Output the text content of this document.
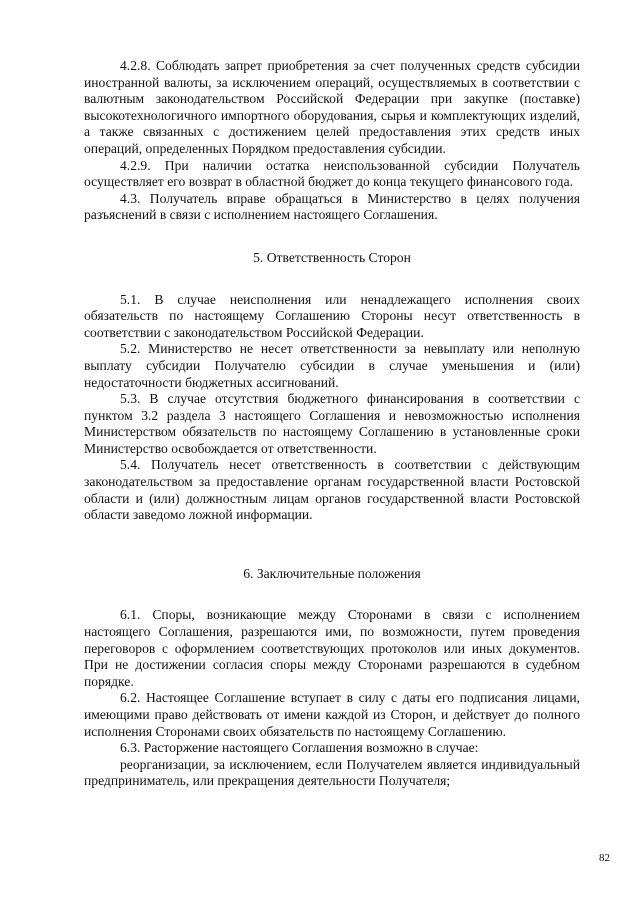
4.2.8. Соблюдать запрет приобретения за счет полученных средств субсидии иностранной валюты, за исключением операций, осуществляемых в соответствии с валютным законодательством Российской Федерации при закупке (поставке) высокотехнологичного импортного оборудования, сырья и комплектующих изделий, а также связанных с достижением целей предоставления этих средств иных операций, определенных Порядком предоставления субсидии.

4.2.9. При наличии остатка неиспользованной субсидии Получатель осуществляет его возврат в областной бюджет до конца текущего финансового года.

4.3. Получатель вправе обращаться в Министерство в целях получения разъяснений в связи с исполнением настоящего Соглашения.

5. Ответственность Сторон

5.1. В случае неисполнения или ненадлежащего исполнения своих обязательств по настоящему Соглашению Стороны несут ответственность в соответствии с законодательством Российской Федерации.

5.2. Министерство не несет ответственности за невыплату или неполную выплату субсидии Получателю субсидии в случае уменьшения и (или) недостаточности бюджетных ассигнований.

5.3. В случае отсутствия бюджетного финансирования в соответствии с пунктом 3.2 раздела 3 настоящего Соглашения и невозможностью исполнения Министерством обязательств по настоящему Соглашению в установленные сроки Министерство освобождается от ответственности.

5.4. Получатель несет ответственность в соответствии с действующим законодательством за предоставление органам государственной власти Ростовской области и (или) должностным лицам органов государственной власти Ростовской области заведомо ложной информации.

6. Заключительные положения

6.1. Споры, возникающие между Сторонами в связи с исполнением настоящего Соглашения, разрешаются ими, по возможности, путем проведения переговоров с оформлением соответствующих протоколов или иных документов. При не достижении согласия споры между Сторонами разрешаются в судебном порядке.

6.2. Настоящее Соглашение вступает в силу с даты его подписания лицами, имеющими право действовать от имени каждой из Сторон, и действует до полного исполнения Сторонами своих обязательств по настоящему Соглашению.

6.3. Расторжение настоящего Соглашения возможно в случае:

реорганизации, за исключением, если Получателем является индивидуальный предприниматель, или прекращения деятельности Получателя;

82
